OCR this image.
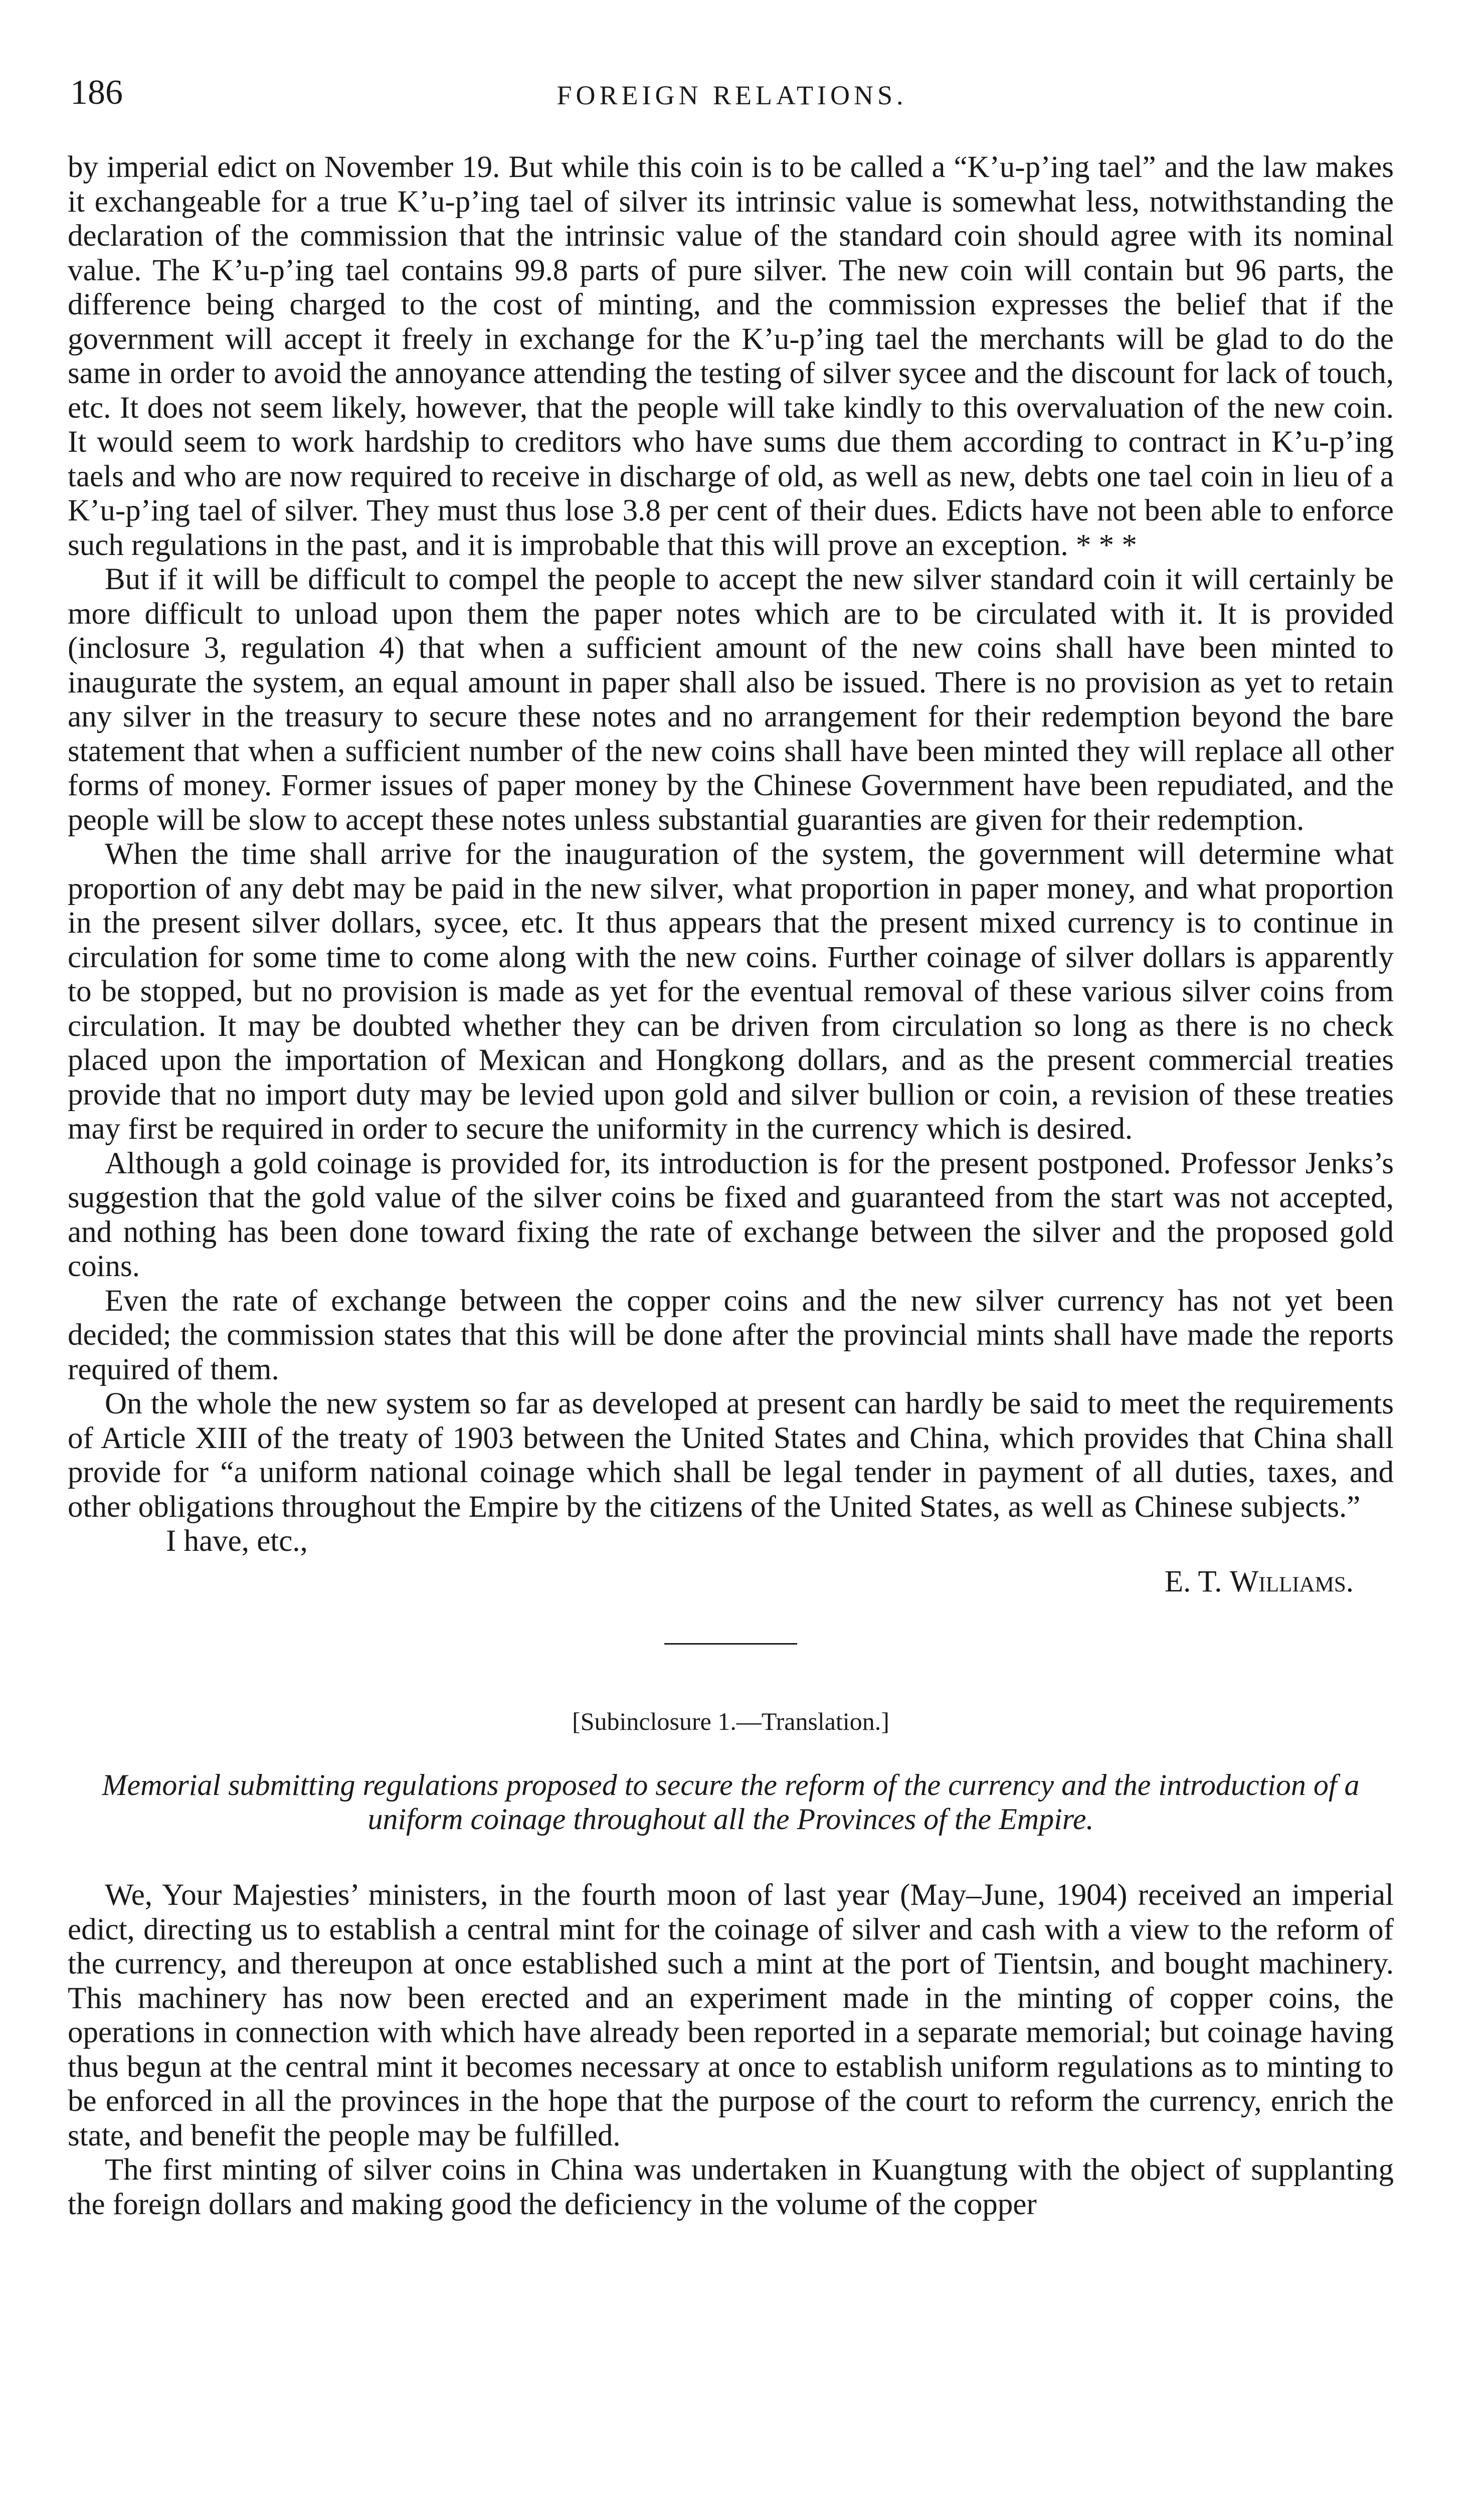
186	FOREIGN RELATIONS.

by imperial edict on November 19. But while this coin is to be called a “K’u-p’ing tael” and the law makes it exchangeable for a true K’u-p’ing tael of silver its intrinsic value is somewhat less, notwithstanding the declaration of the commission that the intrinsic value of the standard coin should agree with its nominal value. The K’u-p’ing tael contains 99.8 parts of pure silver. The new coin will contain but 96 parts, the difference being charged to the cost of minting, and the commission expresses the belief that if the government will accept it freely in exchange for the K’u-p’ing tael the merchants will be glad to do the same in order to avoid the annoyance attending the testing of silver sycee and the discount for lack of touch, etc. It does not seem likely, however, that the people will take kindly to this overvaluation of the new coin. It would seem to work hardship to creditors who have sums due them according to contract in K’u-p’ing taels and who are now required to receive in discharge of old, as well as new, debts one tael coin in lieu of a K’u-p’ing tael of silver. They must thus lose 3.8 per cent of their dues. Edicts have not been able to enforce such regulations in the past, and it is improbable that this will prove an exception. * * *

But if it will be difficult to compel the people to accept the new silver standard coin it will certainly be more difficult to unload upon them the paper notes which are to be circulated with it. It is provided (inclosure 3, regulation 4) that when a sufficient amount of the new coins shall have been minted to inaugurate the system, an equal amount in paper shall also be issued. There is no provision as yet to retain any silver in the treasury to secure these notes and no arrangement for their redemption beyond the bare statement that when a sufficient number of the new coins shall have been minted they will replace all other forms of money. Former issues of paper money by the Chinese Government have been repudiated, and the people will be slow to accept these notes unless substantial guaranties are given for their redemption.

When the time shall arrive for the inauguration of the system, the government will determine what proportion of any debt may be paid in the new silver, what proportion in paper money, and what proportion in the present silver dollars, sycee, etc. It thus appears that the present mixed currency is to continue in circulation for some time to come along with the new coins. Further coinage of silver dollars is apparently to be stopped, but no provision is made as yet for the eventual removal of these various silver coins from circulation. It may be doubted whether they can be driven from circulation so long as there is no check placed upon the importation of Mexican and Hongkong dollars, and as the present commercial treaties provide that no import duty may be levied upon gold and silver bullion or coin, a revision of these treaties may first be required in order to secure the uniformity in the currency which is desired.

Although a gold coinage is provided for, its introduction is for the present postponed. Professor Jenks’s suggestion that the gold value of the silver coins be fixed and guaranteed from the start was not accepted, and nothing has been done toward fixing the rate of exchange between the silver and the proposed gold coins.

Even the rate of exchange between the copper coins and the new silver currency has not yet been decided; the commission states that this will be done after the provincial mints shall have made the reports required of them.

On the whole the new system so far as developed at present can hardly be said to meet the requirements of Article XIII of the treaty of 1903 between the United States and China, which provides that China shall provide for “a uniform national coinage which shall be legal tender in payment of all duties, taxes, and other obligations throughout the Empire by the citizens of the United States, as well as Chinese subjects.”

I have, etc.,

E. T. Williams.

[Subinclosure 1.—Translation.]

Memorial submitting regulations proposed to secure the reform of the currency and the introduction of a uniform coinage throughout all the Provinces of the Empire.

We, Your Majesties’ ministers, in the fourth moon of last year (May–June, 1904) received an imperial edict, directing us to establish a central mint for the coinage of silver and cash with a view to the reform of the currency, and thereupon at once established such a mint at the port of Tientsin, and bought machinery. This machinery has now been erected and an experiment made in the minting of copper coins, the operations in connection with which have already been reported in a separate memorial; but coinage having thus begun at the central mint it becomes necessary at once to establish uniform regulations as to minting to be enforced in all the provinces in the hope that the purpose of the court to reform the currency, enrich the state, and benefit the people may be fulfilled.

The first minting of silver coins in China was undertaken in Kuangtung with the object of supplanting the foreign dollars and making good the deficiency in the volume of the copper
